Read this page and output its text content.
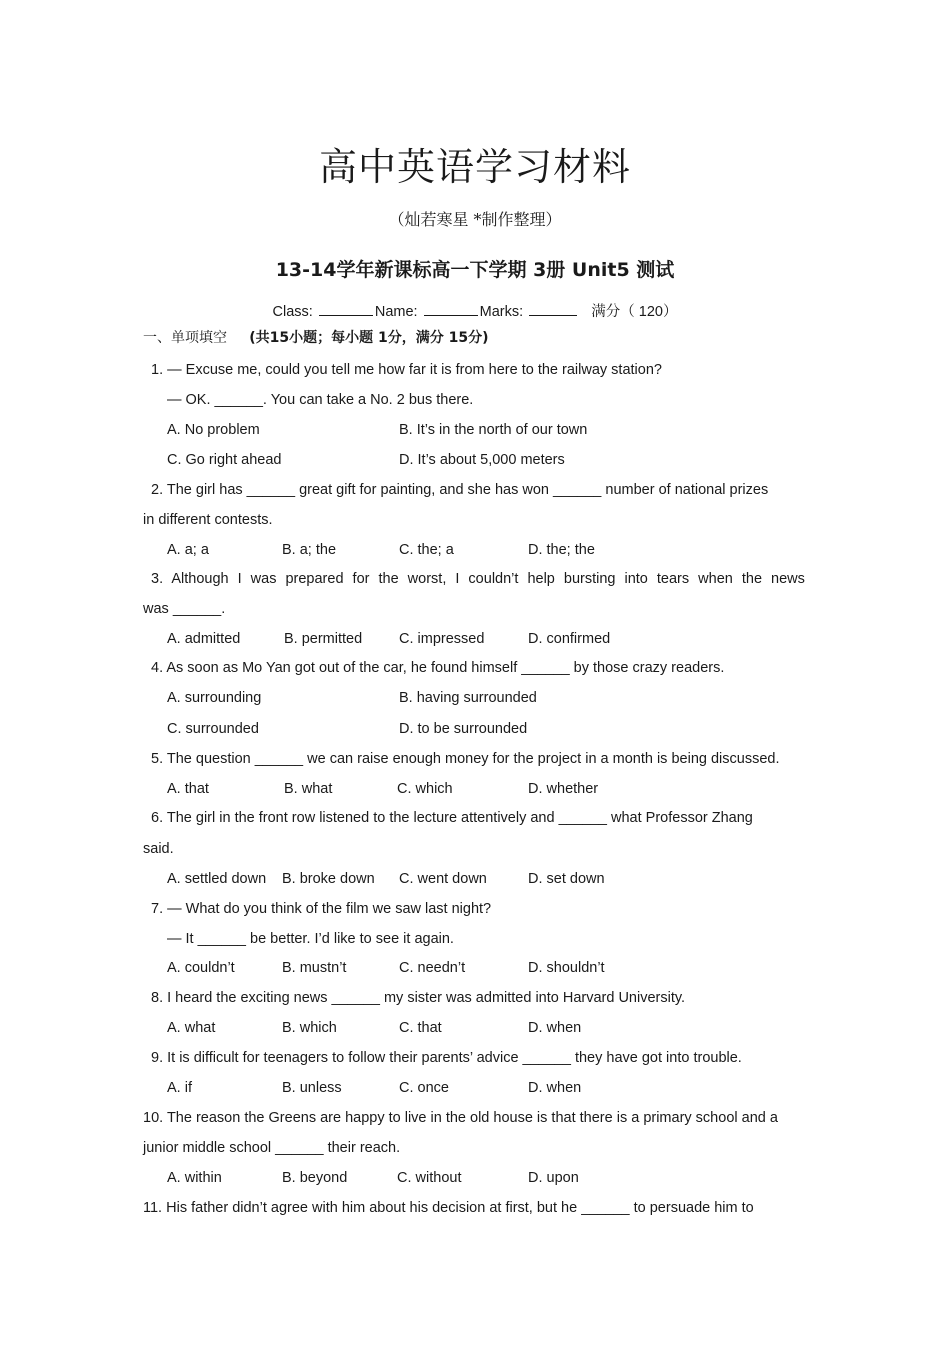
高中英语学习材料
（灿若寒星 *制作整理）
13-14学年新课标高一下学期 3册 Unit5 测试
Class:	Name:	Marks:	满分（ 120）
一、单项填空 (共15小题；每小题 1分，满分 15分)
1. — Excuse me, could you tell me how far it is from here to the railway station?
— OK. ______. You can take a No. 2 bus there.
A. No problem	B. It’s in the north of our town
C. Go right ahead	D. It’s about 5,000 meters
2. The girl has ______ great gift for painting, and she has won ______ number of national prizes
in different contests.
A. a; a	B. a; the	C. the; a	D. the; the
3. Although I was prepared for the worst, I couldn’t help bursting into tears when the news
was ______.
A. admitted	B. permitted	C. impressed	D. confirmed
4. As soon as Mo Yan got out of the car, he found himself ______ by those crazy readers.
A. surrounding	B. having surrounded
C. surrounded	D. to be surrounded
5. The question ______ we can raise enough money for the project in a month is being discussed.
A. that	B. what	C. which	D. whether
6. The girl in the front row listened to the lecture attentively and ______ what Professor Zhang
said.
A. settled down B. broke down C. went down	D. set down
7. — What do you think of the film we saw last night?
— It ______ be better. I’d like to see it again.
A. couldn’t	B. mustn’t	C. needn’t	D. shouldn’t
8. I heard the exciting news ______ my sister was admitted into Harvard University.
A. what	B. which	C. that	D. when
9. It is difficult for teenagers to follow their parents’ advice ______ they have got into trouble.
A. if	B. unless	C. once	D. when
10. The reason the Greens are happy to live in the old house is that there is a primary school and a
junior middle school ______ their reach.
A. within	B. beyond	C. without	D. upon
11. His father didn’t agree with him about his decision at first, but he ______ to persuade him to
